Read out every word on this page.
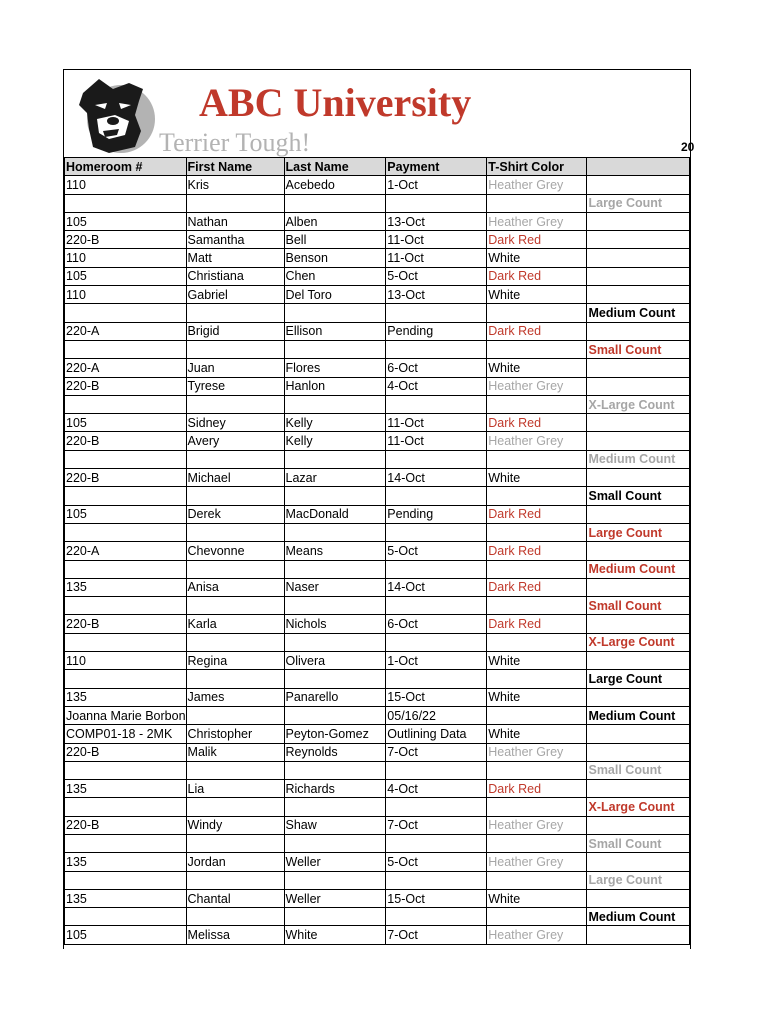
ABC University
Terrier Tough!	20
Homeroom #	First Name	Last Name	Payment	T-Shirt Color	
110	Kris	Acebedo	1-Oct	Heather Grey	
					Large Count
105	Nathan	Alben	13-Oct	Heather Grey	
220-B	Samantha	Bell	11-Oct	Dark Red	
110	Matt	Benson	11-Oct	White	
105	Christiana	Chen	5-Oct	Dark Red	
110	Gabriel	Del Toro	13-Oct	White	
					Medium Count
220-A	Brigid	Ellison	Pending	Dark Red	
					Small Count
220-A	Juan	Flores	6-Oct	White	
220-B	Tyrese	Hanlon	4-Oct	Heather Grey	
					X-Large Count
105	Sidney	Kelly	11-Oct	Dark Red	
220-B	Avery	Kelly	11-Oct	Heather Grey	
					Medium Count
220-B	Michael	Lazar	14-Oct	White	
					Small Count
105	Derek	MacDonald	Pending	Dark Red	
					Large Count
220-A	Chevonne	Means	5-Oct	Dark Red	
					Medium Count
135	Anisa	Naser	14-Oct	Dark Red	
					Small Count
220-B	Karla	Nichols	6-Oct	Dark Red	
					X-Large Count
110	Regina	Olivera	1-Oct	White	
					Large Count
135	James	Panarello	15-Oct	White	
Joanna Marie Borbon			05/16/22		Medium Count
COMP01-18 - 2MK	Christopher	Peyton-Gomez	Outlining Data	White	
220-B	Malik	Reynolds	7-Oct	Heather Grey	
					Small Count
135	Lia	Richards	4-Oct	Dark Red	
					X-Large Count
220-B	Windy	Shaw	7-Oct	Heather Grey	
					Small Count
135	Jordan	Weller	5-Oct	Heather Grey	
					Large Count
135	Chantal	Weller	15-Oct	White	
					Medium Count
105	Melissa	White	7-Oct	Heather Grey	
